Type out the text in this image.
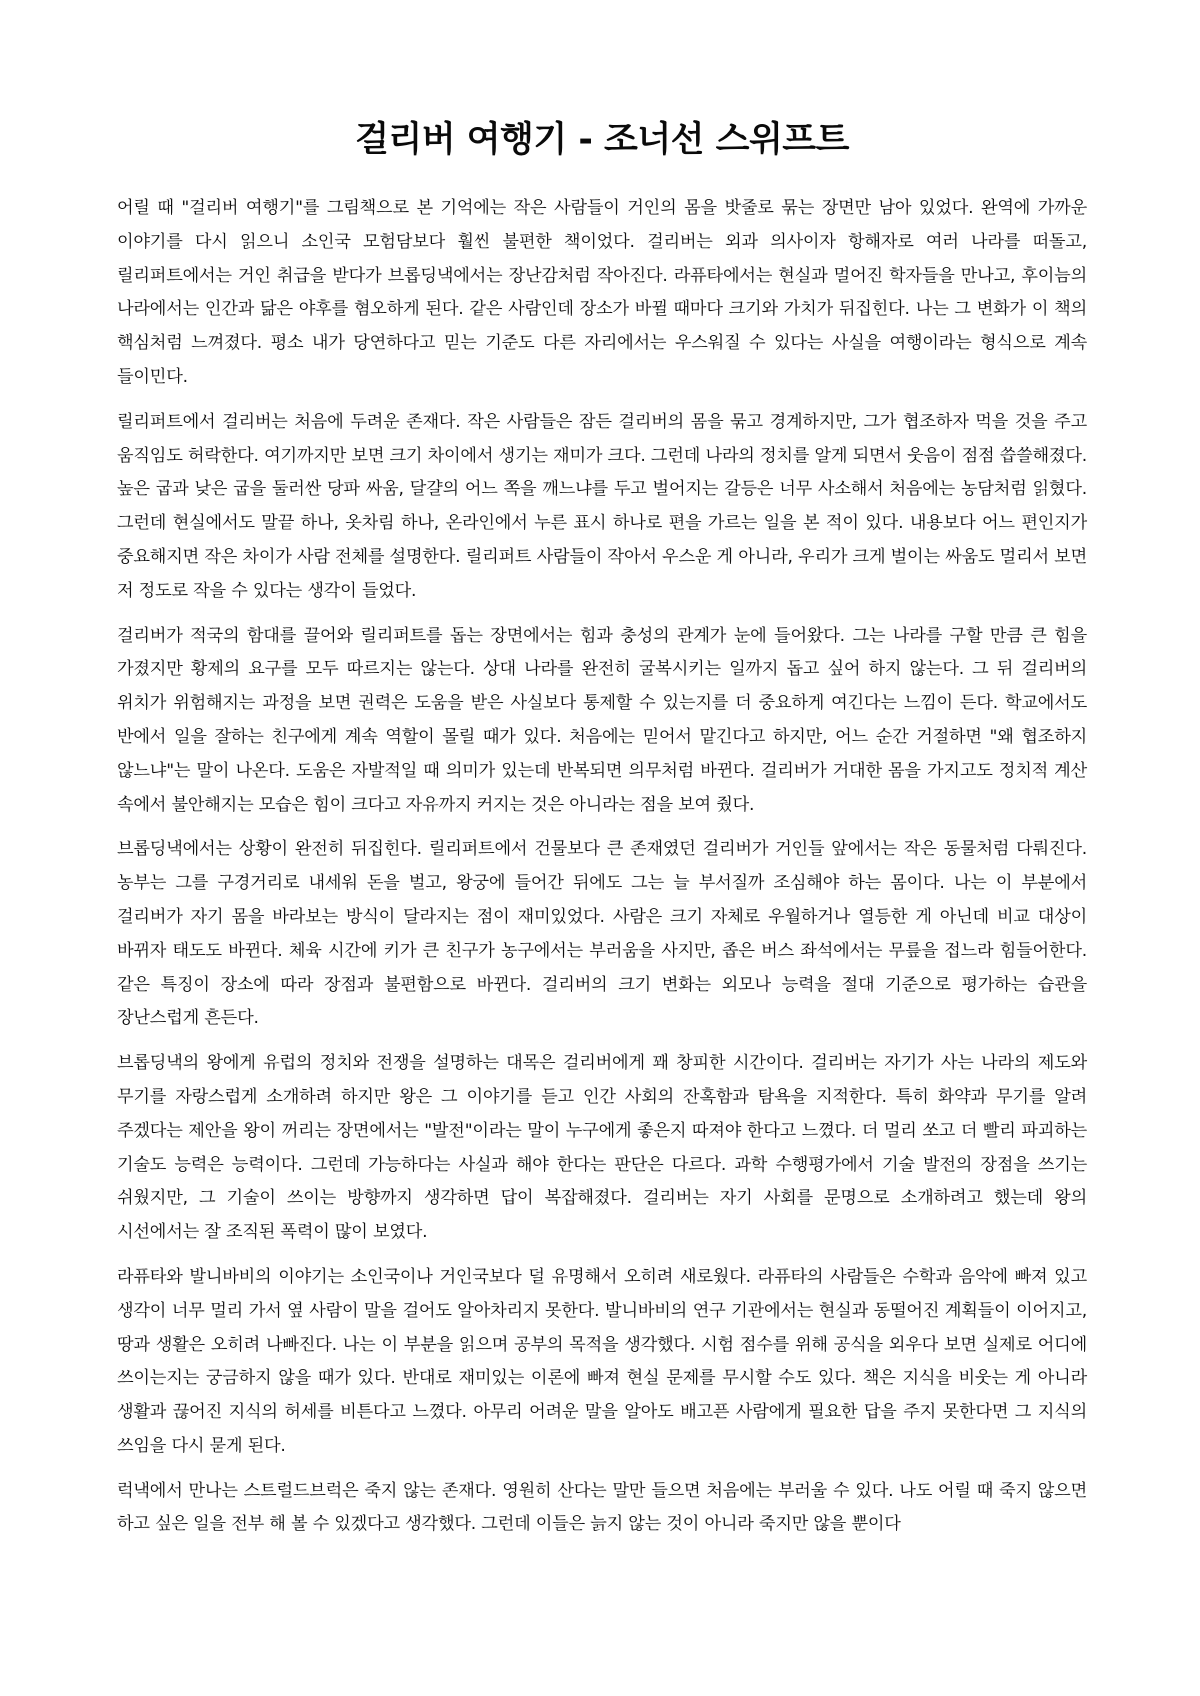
걸리버 여행기 - 조너선 스위프트

어릴 때 "걸리버 여행기"를 그림책으로 본 기억에는 작은 사람들이 거인의 몸을 밧줄로 묶는 장면만 남아 있었다. 완역에 가까운 이야기를 다시 읽으니 소인국 모험담보다 훨씬 불편한 책이었다. 걸리버는 외과 의사이자 항해자로 여러 나라를 떠돌고, 릴리퍼트에서는 거인 취급을 받다가 브롭딩낵에서는 장난감처럼 작아진다. 라퓨타에서는 현실과 멀어진 학자들을 만나고, 후이늠의 나라에서는 인간과 닮은 야후를 혐오하게 된다. 같은 사람인데 장소가 바뀔 때마다 크기와 가치가 뒤집힌다. 나는 그 변화가 이 책의 핵심처럼 느껴졌다. 평소 내가 당연하다고 믿는 기준도 다른 자리에서는 우스워질 수 있다는 사실을 여행이라는 형식으로 계속 들이민다.

릴리퍼트에서 걸리버는 처음에 두려운 존재다. 작은 사람들은 잠든 걸리버의 몸을 묶고 경계하지만, 그가 협조하자 먹을 것을 주고 움직임도 허락한다. 여기까지만 보면 크기 차이에서 생기는 재미가 크다. 그런데 나라의 정치를 알게 되면서 웃음이 점점 씁쓸해졌다. 높은 굽과 낮은 굽을 둘러싼 당파 싸움, 달걀의 어느 쪽을 깨느냐를 두고 벌어지는 갈등은 너무 사소해서 처음에는 농담처럼 읽혔다. 그런데 현실에서도 말끝 하나, 옷차림 하나, 온라인에서 누른 표시 하나로 편을 가르는 일을 본 적이 있다. 내용보다 어느 편인지가 중요해지면 작은 차이가 사람 전체를 설명한다. 릴리퍼트 사람들이 작아서 우스운 게 아니라, 우리가 크게 벌이는 싸움도 멀리서 보면 저 정도로 작을 수 있다는 생각이 들었다.

걸리버가 적국의 함대를 끌어와 릴리퍼트를 돕는 장면에서는 힘과 충성의 관계가 눈에 들어왔다. 그는 나라를 구할 만큼 큰 힘을 가졌지만 황제의 요구를 모두 따르지는 않는다. 상대 나라를 완전히 굴복시키는 일까지 돕고 싶어 하지 않는다. 그 뒤 걸리버의 위치가 위험해지는 과정을 보면 권력은 도움을 받은 사실보다 통제할 수 있는지를 더 중요하게 여긴다는 느낌이 든다. 학교에서도 반에서 일을 잘하는 친구에게 계속 역할이 몰릴 때가 있다. 처음에는 믿어서 맡긴다고 하지만, 어느 순간 거절하면 "왜 협조하지 않느냐"는 말이 나온다. 도움은 자발적일 때 의미가 있는데 반복되면 의무처럼 바뀐다. 걸리버가 거대한 몸을 가지고도 정치적 계산 속에서 불안해지는 모습은 힘이 크다고 자유까지 커지는 것은 아니라는 점을 보여 줬다.

브롭딩낵에서는 상황이 완전히 뒤집힌다. 릴리퍼트에서 건물보다 큰 존재였던 걸리버가 거인들 앞에서는 작은 동물처럼 다뤄진다. 농부는 그를 구경거리로 내세워 돈을 벌고, 왕궁에 들어간 뒤에도 그는 늘 부서질까 조심해야 하는 몸이다. 나는 이 부분에서 걸리버가 자기 몸을 바라보는 방식이 달라지는 점이 재미있었다. 사람은 크기 자체로 우월하거나 열등한 게 아닌데 비교 대상이 바뀌자 태도도 바뀐다. 체육 시간에 키가 큰 친구가 농구에서는 부러움을 사지만, 좁은 버스 좌석에서는 무릎을 접느라 힘들어한다. 같은 특징이 장소에 따라 장점과 불편함으로 바뀐다. 걸리버의 크기 변화는 외모나 능력을 절대 기준으로 평가하는 습관을 장난스럽게 흔든다.

브롭딩낵의 왕에게 유럽의 정치와 전쟁을 설명하는 대목은 걸리버에게 꽤 창피한 시간이다. 걸리버는 자기가 사는 나라의 제도와 무기를 자랑스럽게 소개하려 하지만 왕은 그 이야기를 듣고 인간 사회의 잔혹함과 탐욕을 지적한다. 특히 화약과 무기를 알려 주겠다는 제안을 왕이 꺼리는 장면에서는 "발전"이라는 말이 누구에게 좋은지 따져야 한다고 느꼈다. 더 멀리 쏘고 더 빨리 파괴하는 기술도 능력은 능력이다. 그런데 가능하다는 사실과 해야 한다는 판단은 다르다. 과학 수행평가에서 기술 발전의 장점을 쓰기는 쉬웠지만, 그 기술이 쓰이는 방향까지 생각하면 답이 복잡해졌다. 걸리버는 자기 사회를 문명으로 소개하려고 했는데 왕의 시선에서는 잘 조직된 폭력이 많이 보였다.

라퓨타와 발니바비의 이야기는 소인국이나 거인국보다 덜 유명해서 오히려 새로웠다. 라퓨타의 사람들은 수학과 음악에 빠져 있고 생각이 너무 멀리 가서 옆 사람이 말을 걸어도 알아차리지 못한다. 발니바비의 연구 기관에서는 현실과 동떨어진 계획들이 이어지고, 땅과 생활은 오히려 나빠진다. 나는 이 부분을 읽으며 공부의 목적을 생각했다. 시험 점수를 위해 공식을 외우다 보면 실제로 어디에 쓰이는지는 궁금하지 않을 때가 있다. 반대로 재미있는 이론에 빠져 현실 문제를 무시할 수도 있다. 책은 지식을 비웃는 게 아니라 생활과 끊어진 지식의 허세를 비튼다고 느꼈다. 아무리 어려운 말을 알아도 배고픈 사람에게 필요한 답을 주지 못한다면 그 지식의 쓰임을 다시 묻게 된다.

럭낵에서 만나는 스트럴드브럭은 죽지 않는 존재다. 영원히 산다는 말만 들으면 처음에는 부러울 수 있다. 나도 어릴 때 죽지 않으면 하고 싶은 일을 전부 해 볼 수 있겠다고 생각했다. 그런데 이들은 늙지 않는 것이 아니라 죽지만 않을 뿐이다
